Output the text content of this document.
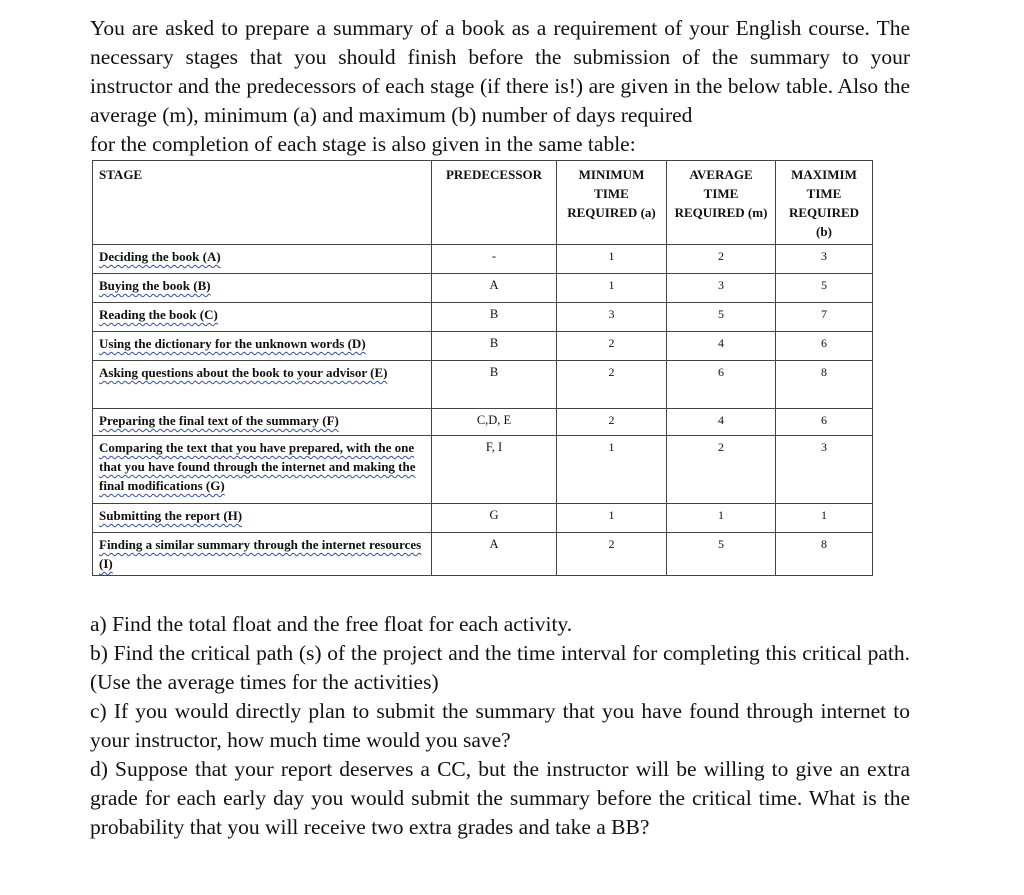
You are asked to prepare a summary of a book as a requirement of your English course. The necessary stages that you should finish before the submission of the summary to your instructor and the predecessors of each stage (if there is!) are given in the below table. Also the average (m), minimum (a) and maximum (b) number of days required
for the completion of each stage is also given in the same table:

STAGE	PREDECESSOR	MINIMUM TIME REQUIRED (a)	AVERAGE TIME REQUIRED (m)	MAXIMIM TIME REQUIRED (b)
Deciding the book (A)	-	1	2	3
Buying the book (B)	A	1	3	5
Reading the book (C)	B	3	5	7
Using the dictionary for the unknown words (D)	B	2	4	6
Asking questions about the book to your advisor (E)	B	2	6	8
Preparing the final text of the summary (F)	C,D, E	2	4	6
Comparing the text that you have prepared, with the one that you have found through the internet and making the final modifications (G)	F, I	1	2	3
Submitting the report (H)	G	1	1	1
Finding a similar summary through the internet resources (I)	A	2	5	8

a) Find the total float and the free float for each activity.

b) Find the critical path (s) of the project and the time interval for completing this critical path. (Use the average times for the activities)

c) If you would directly plan to submit the summary that you have found through internet to your instructor, how much time would you save?

d) Suppose that your report deserves a CC, but the instructor will be willing to give an extra grade for each early day you would submit the summary before the critical time. What is the probability that you will receive two extra grades and take a BB?
